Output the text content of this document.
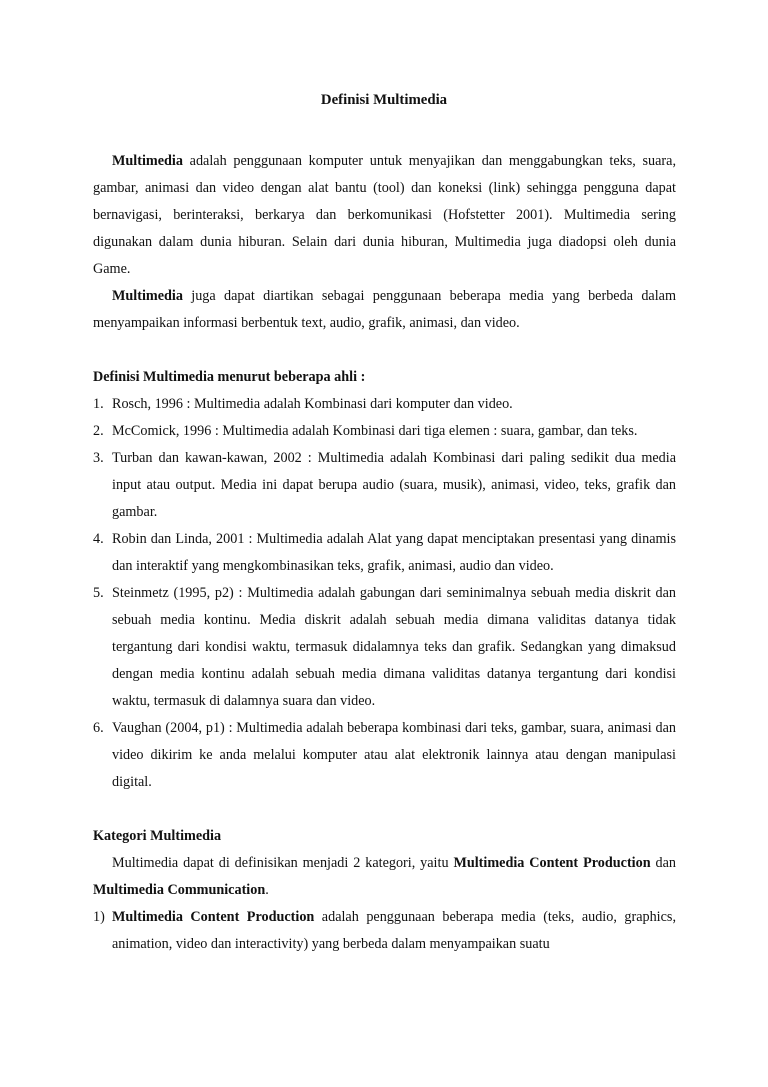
Definisi Multimedia

Multimedia adalah penggunaan komputer untuk menyajikan dan menggabungkan teks, suara, gambar, animasi dan video dengan alat bantu (tool) dan koneksi (link) sehingga pengguna dapat bernavigasi, berinteraksi, berkarya dan berkomunikasi (Hofstetter 2001). Multimedia sering digunakan dalam dunia hiburan. Selain dari dunia hiburan, Multimedia juga diadopsi oleh dunia Game.

Multimedia juga dapat diartikan sebagai penggunaan beberapa media yang berbeda dalam menyampaikan informasi berbentuk text, audio, grafik, animasi, dan video.

Definisi Multimedia menurut beberapa ahli :

1. Rosch, 1996 : Multimedia adalah Kombinasi dari komputer dan video.
2. McComick, 1996 : Multimedia adalah Kombinasi dari tiga elemen : suara, gambar, dan teks.
3. Turban dan kawan-kawan, 2002 : Multimedia adalah Kombinasi dari paling sedikit dua media input atau output. Media ini dapat berupa audio (suara, musik), animasi, video, teks, grafik dan gambar.
4. Robin dan Linda, 2001 : Multimedia adalah Alat yang dapat menciptakan presentasi yang dinamis dan interaktif yang mengkombinasikan teks, grafik, animasi, audio dan video.
5. Steinmetz (1995, p2) : Multimedia adalah gabungan dari seminimalnya sebuah media diskrit dan sebuah media kontinu. Media diskrit adalah sebuah media dimana validitas datanya tidak tergantung dari kondisi waktu, termasuk didalamnya teks dan grafik. Sedangkan yang dimaksud dengan media kontinu adalah sebuah media dimana validitas datanya tergantung dari kondisi waktu, termasuk di dalamnya suara dan video.
6. Vaughan (2004, p1) : Multimedia adalah beberapa kombinasi dari teks, gambar, suara, animasi dan video dikirim ke anda melalui komputer atau alat elektronik lainnya atau dengan manipulasi digital.

Kategori Multimedia

Multimedia dapat di definisikan menjadi 2 kategori, yaitu Multimedia Content Production dan Multimedia Communication.

1) Multimedia Content Production adalah penggunaan beberapa media (teks, audio, graphics, animation, video dan interactivity) yang berbeda dalam menyampaikan suatu
